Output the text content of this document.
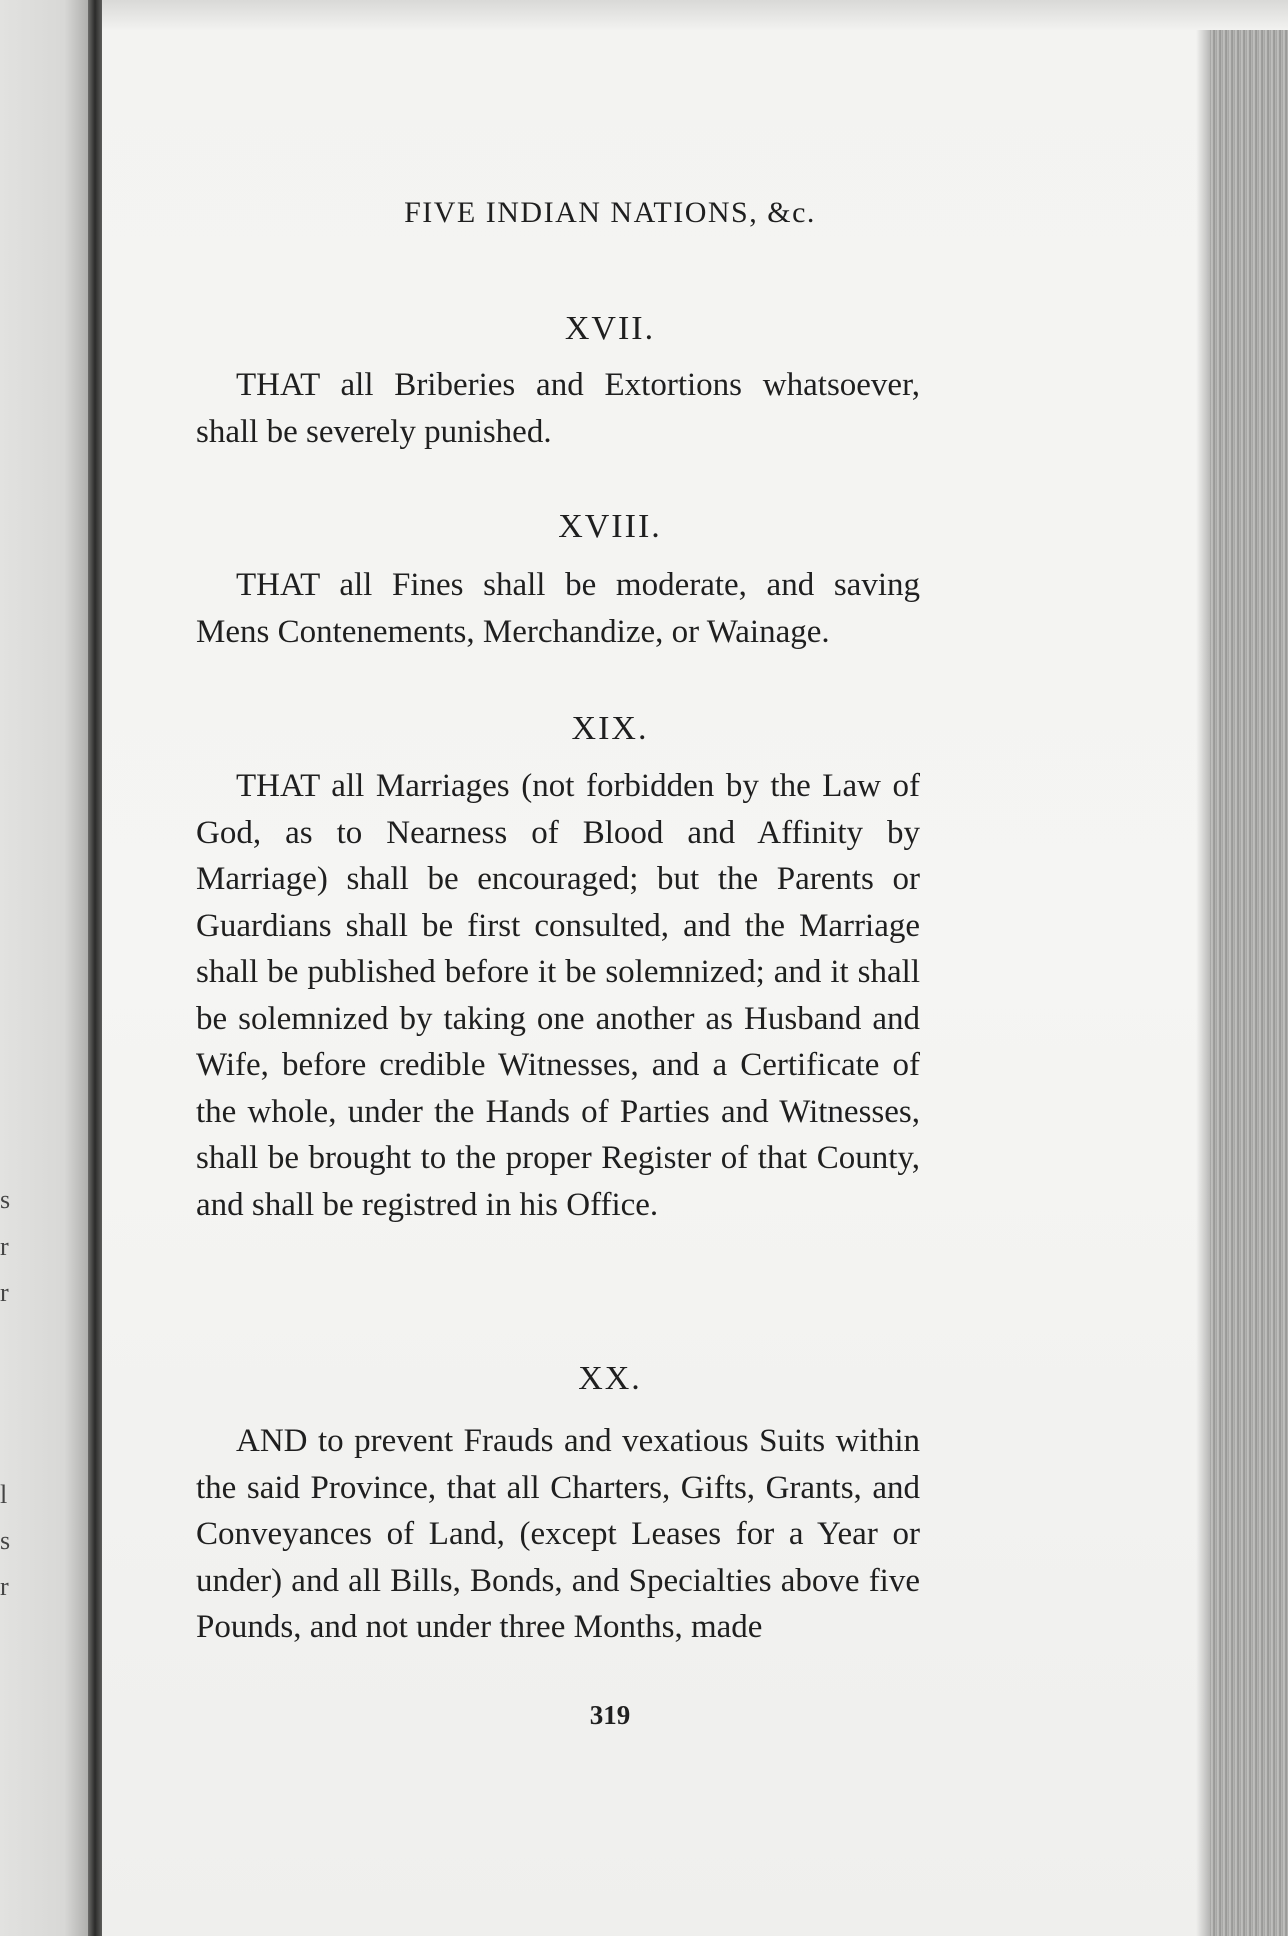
s
r
r
l
s
r
FIVE INDIAN NATIONS, &c.
XVII.

THAT all Briberies and Extortions whatsoever, shall be severely punished.

XVIII.

THAT all Fines shall be moderate, and saving Mens Contenements, Merchandize, or Wainage.

XIX.

THAT all Marriages (not forbidden by the Law of God, as to Nearness of Blood and Affinity by Marriage) shall be encouraged; but the Parents or Guardians shall be first consulted, and the Marriage shall be published before it be solemnized; and it shall be solemnized by taking one another as Husband and Wife, before credible Witnesses, and a Certificate of the whole, under the Hands of Parties and Witnesses, shall be brought to the proper Register of that County, and shall be registred in his Office.

XX.

AND to prevent Frauds and vexatious Suits within the said Province, that all Charters, Gifts, Grants, and Conveyances of Land, (except Leases for a Year or under) and all Bills, Bonds, and Specialties above five Pounds, and not under three Months, made

319
